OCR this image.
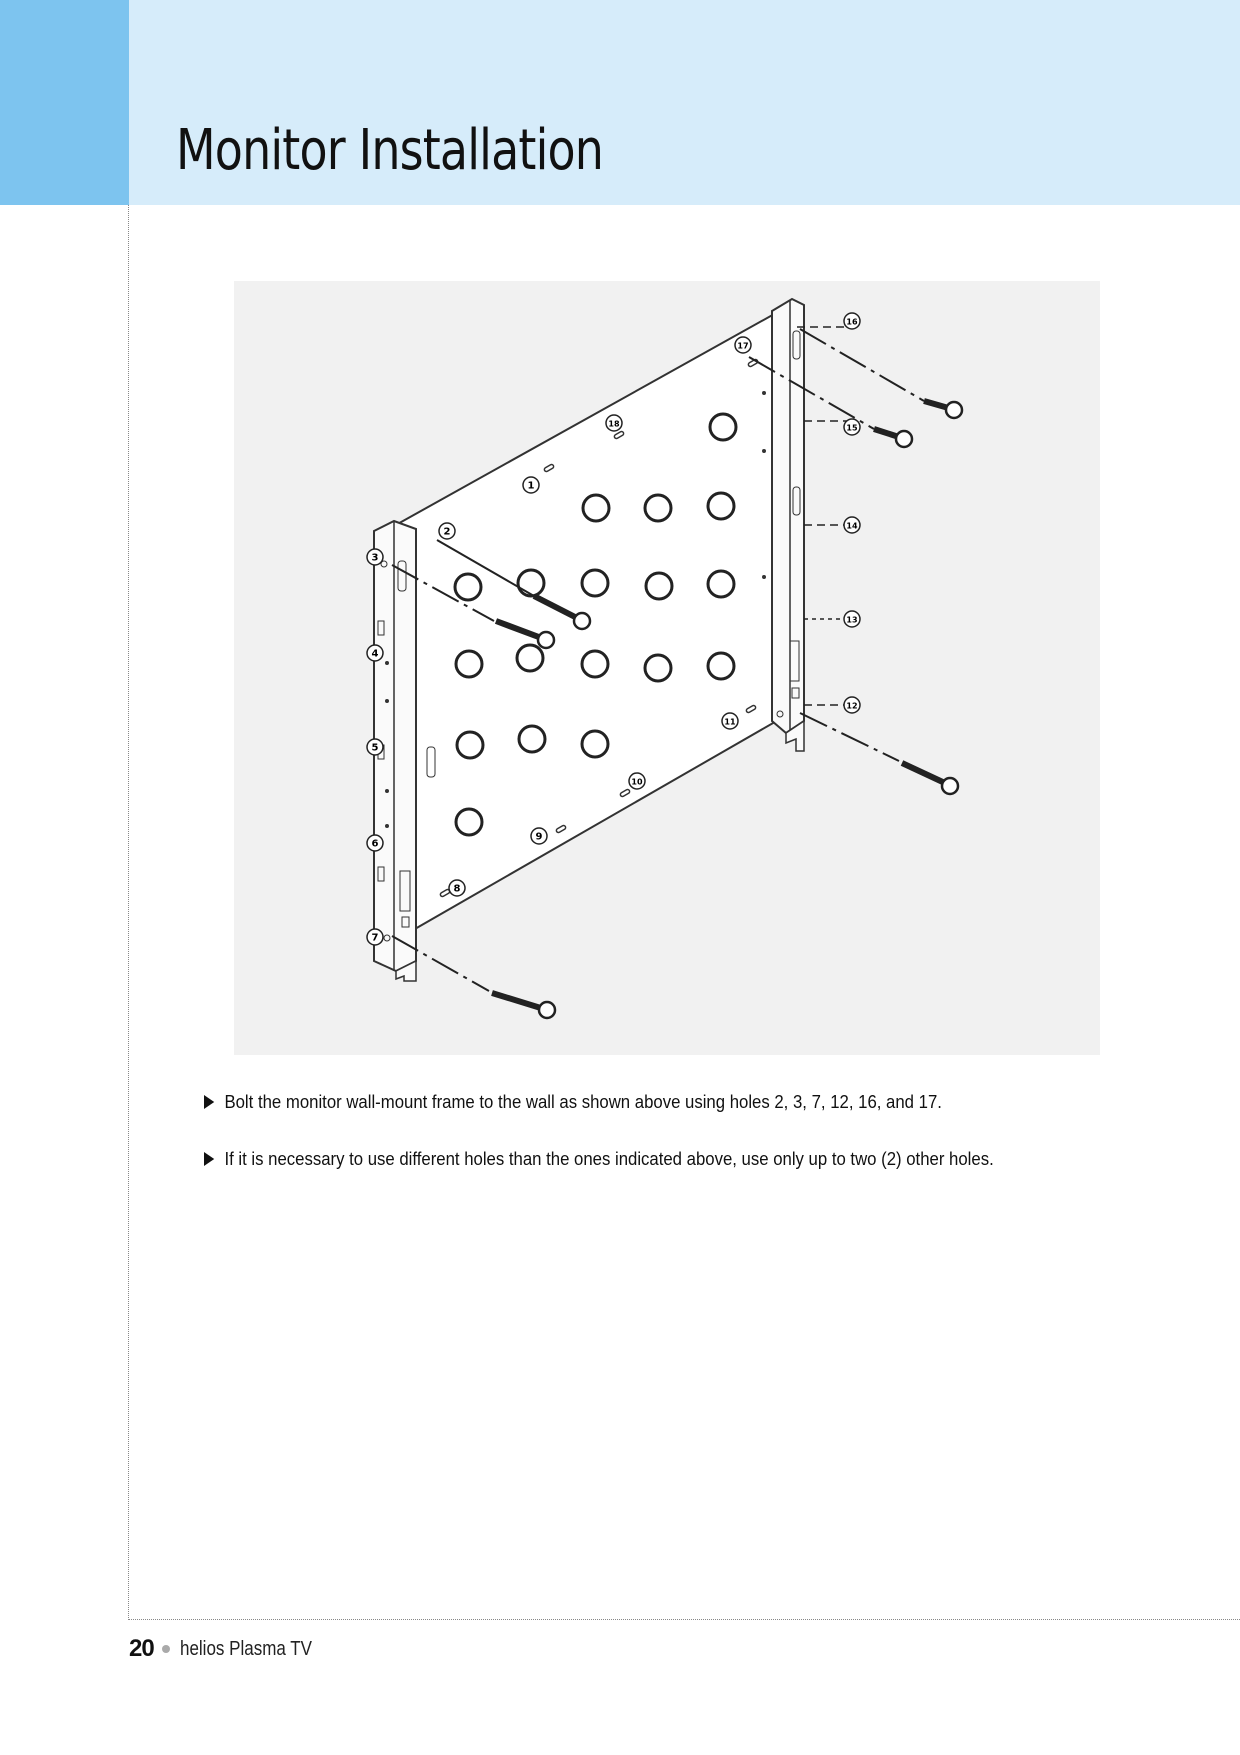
Monitor Installation
1
2
3
4
5
6
7
8
9
10
11
12
13
14
15
16
17
18
Bolt the monitor wall-mount frame to the wall as shown above using holes 2, 3, 7, 12, 16, and 17.
If it is necessary to use different holes than the ones indicated above, use only up to two (2) other holes.
20 helios Plasma TV
